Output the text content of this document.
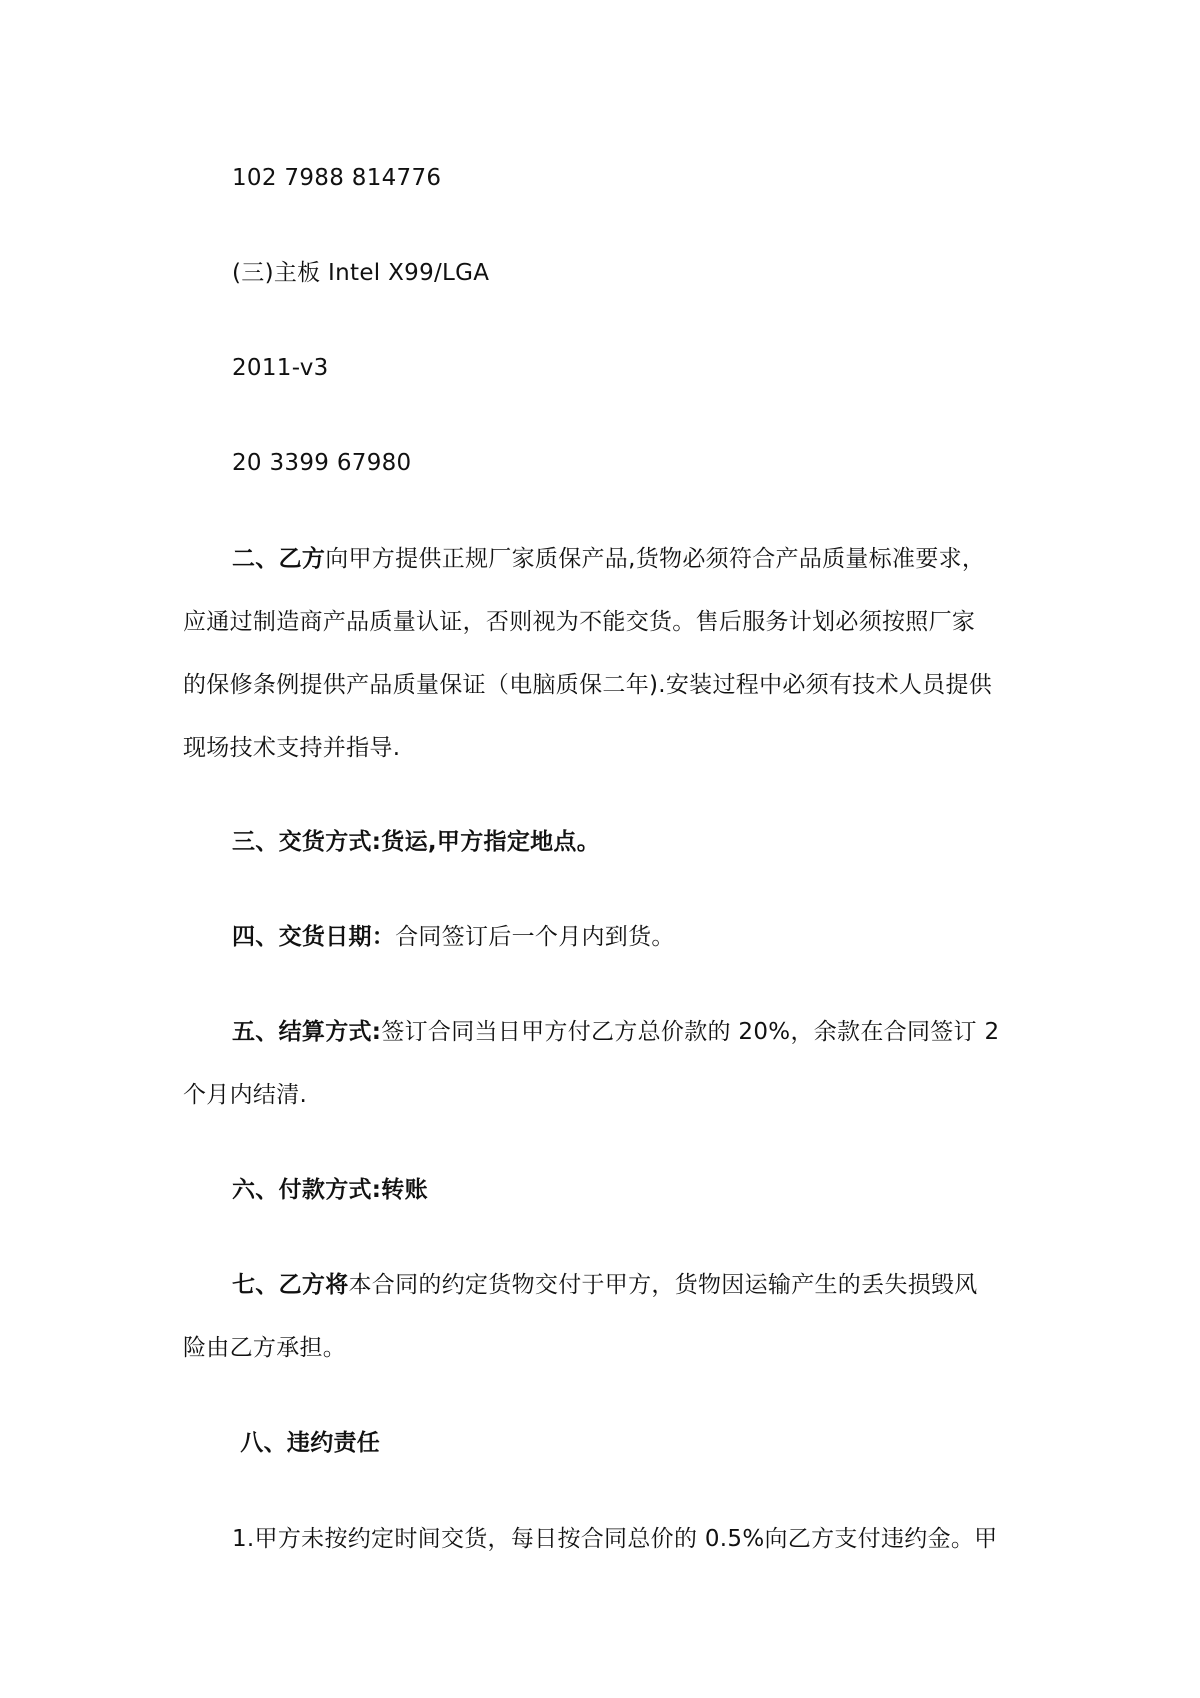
102 7988 814776
(三)主板 Intel X99/LGA
2011-v3
20 3399 67980
二、乙方向甲方提供正规厂家质保产品,货物必须符合产品质量标准要求，
应通过制造商产品质量认证，否则视为不能交货。售后服务计划必须按照厂家
的保修条例提供产品质量保证（电脑质保二年).安装过程中必须有技术人员提供
现场技术支持并指导.
三、交货方式:货运,甲方指定地点。
四、交货日期：合同签订后一个月内到货。
五、结算方式:签订合同当日甲方付乙方总价款的 20%，余款在合同签订 2
个月内结清.
六、付款方式:转账
七、乙方将本合同的约定货物交付于甲方，货物因运输产生的丢失损毁风
险由乙方承担。
八、违约责任
1.甲方未按约定时间交货，每日按合同总价的 0.5%向乙方支付违约金。甲
